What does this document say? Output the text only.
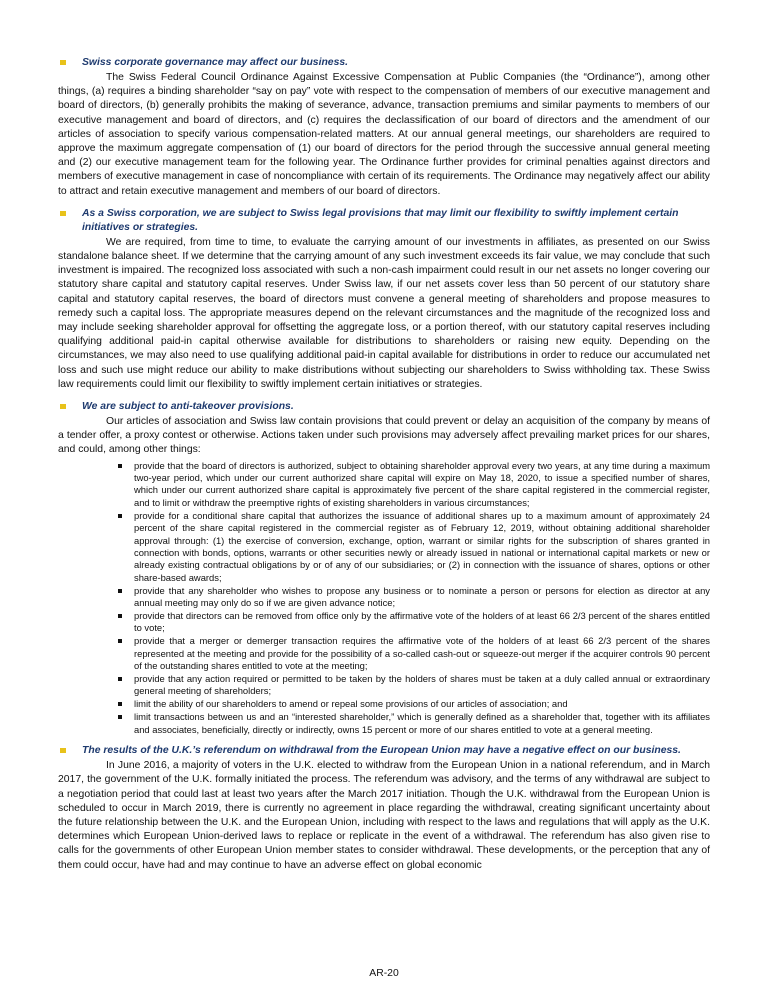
Swiss corporate governance may affect our business.

The Swiss Federal Council Ordinance Against Excessive Compensation at Public Companies (the “Ordinance”), among other things, (a) requires a binding shareholder “say on pay” vote with respect to the compensation of members of our executive management and board of directors, (b) generally prohibits the making of severance, advance, transaction premiums and similar payments to members of our executive management and board of directors, and (c) requires the declassification of our board of directors and the amendment of our articles of association to specify various compensation-related matters. At our annual general meetings, our shareholders are required to approve the maximum aggregate compensation of (1) our board of directors for the period through the successive annual general meeting and (2) our executive management team for the following year. The Ordinance further provides for criminal penalties against directors and members of executive management in case of noncompliance with certain of its requirements. The Ordinance may negatively affect our ability to attract and retain executive management and members of our board of directors.

As a Swiss corporation, we are subject to Swiss legal provisions that may limit our flexibility to swiftly implement certain initiatives or strategies.

We are required, from time to time, to evaluate the carrying amount of our investments in affiliates, as presented on our Swiss standalone balance sheet. If we determine that the carrying amount of any such investment exceeds its fair value, we may conclude that such investment is impaired. The recognized loss associated with such a non-cash impairment could result in our net assets no longer covering our statutory share capital and statutory capital reserves. Under Swiss law, if our net assets cover less than 50 percent of our statutory share capital and statutory capital reserves, the board of directors must convene a general meeting of shareholders and propose measures to remedy such a capital loss. The appropriate measures depend on the relevant circumstances and the magnitude of the recognized loss and may include seeking shareholder approval for offsetting the aggregate loss, or a portion thereof, with our statutory capital reserves including qualifying additional paid-in capital otherwise available for distributions to shareholders or raising new equity. Depending on the circumstances, we may also need to use qualifying additional paid-in capital available for distributions in order to reduce our accumulated net loss and such use might reduce our ability to make distributions without subjecting our shareholders to Swiss withholding tax. These Swiss law requirements could limit our flexibility to swiftly implement certain initiatives or strategies.

We are subject to anti-takeover provisions.

Our articles of association and Swiss law contain provisions that could prevent or delay an acquisition of the company by means of a tender offer, a proxy contest or otherwise. Actions taken under such provisions may adversely affect prevailing market prices for our shares, and could, among other things:

provide that the board of directors is authorized, subject to obtaining shareholder approval every two years, at any time during a maximum two-year period, which under our current authorized share capital will expire on May 18, 2020, to issue a specified number of shares, which under our current authorized share capital is approximately five percent of the share capital registered in the commercial register, and to limit or withdraw the preemptive rights of existing shareholders in various circumstances;
provide for a conditional share capital that authorizes the issuance of additional shares up to a maximum amount of approximately 24 percent of the share capital registered in the commercial register as of February 12, 2019, without obtaining additional shareholder approval through: (1) the exercise of conversion, exchange, option, warrant or similar rights for the subscription of shares granted in connection with bonds, options, warrants or other securities newly or already issued in national or international capital markets or new or already existing contractual obligations by or of any of our subsidiaries; or (2) in connection with the issuance of shares, options or other share-based awards;
provide that any shareholder who wishes to propose any business or to nominate a person or persons for election as director at any annual meeting may only do so if we are given advance notice;
provide that directors can be removed from office only by the affirmative vote of the holders of at least 66 2/3 percent of the shares entitled to vote;
provide that a merger or demerger transaction requires the affirmative vote of the holders of at least 66 2/3 percent of the shares represented at the meeting and provide for the possibility of a so-called cash-out or squeeze-out merger if the acquirer controls 90 percent of the outstanding shares entitled to vote at the meeting;
provide that any action required or permitted to be taken by the holders of shares must be taken at a duly called annual or extraordinary general meeting of shareholders;
limit the ability of our shareholders to amend or repeal some provisions of our articles of association; and
limit transactions between us and an “interested shareholder,” which is generally defined as a shareholder that, together with its affiliates and associates, beneficially, directly or indirectly, owns 15 percent or more of our shares entitled to vote at a general meeting.
The results of the U.K.’s referendum on withdrawal from the European Union may have a negative effect on our business.

In June 2016, a majority of voters in the U.K. elected to withdraw from the European Union in a national referendum, and in March 2017, the government of the U.K. formally initiated the process. The referendum was advisory, and the terms of any withdrawal are subject to a negotiation period that could last at least two years after the March 2017 initiation. Though the U.K. withdrawal from the European Union is scheduled to occur in March 2019, there is currently no agreement in place regarding the withdrawal, creating significant uncertainty about the future relationship between the U.K. and the European Union, including with respect to the laws and regulations that will apply as the U.K. determines which European Union-derived laws to replace or replicate in the event of a withdrawal. The referendum has also given rise to calls for the governments of other European Union member states to consider withdrawal. These developments, or the perception that any of them could occur, have had and may continue to have an adverse effect on global economic

AR-20
